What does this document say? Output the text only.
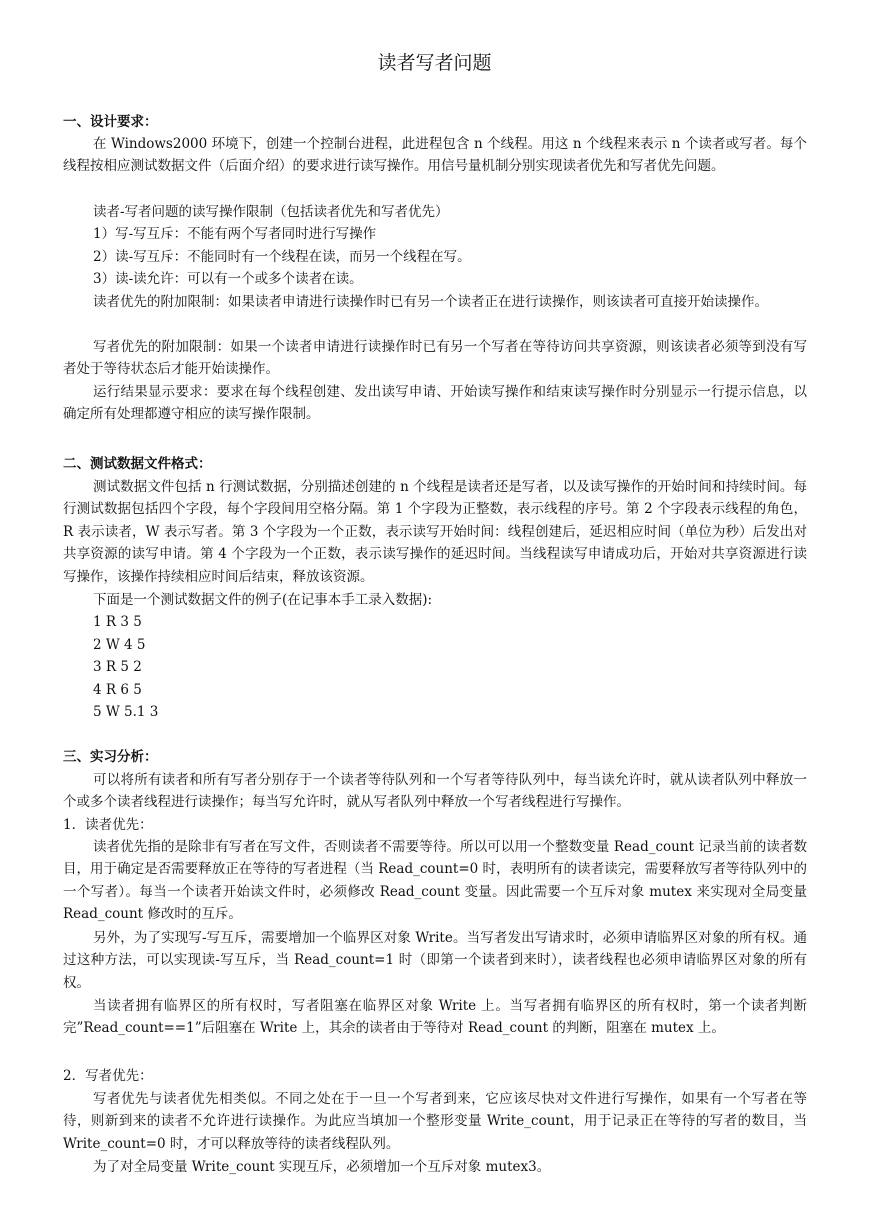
读者写者问题
一、设计要求：

在 Windows2000 环境下，创建一个控制台进程，此进程包含 n 个线程。用这 n 个线程来表示 n 个读者或写者。每个线程按相应测试数据文件（后面介绍）的要求进行读写操作。用信号量机制分别实现读者优先和写者优先问题。

读者-写者问题的读写操作限制（包括读者优先和写者优先）

1）写-写互斥：不能有两个写者同时进行写操作

2）读-写互斥：不能同时有一个线程在读，而另一个线程在写。

3）读-读允许：可以有一个或多个读者在读。

读者优先的附加限制：如果读者申请进行读操作时已有另一个读者正在进行读操作，则该读者可直接开始读操作。

写者优先的附加限制：如果一个读者申请进行读操作时已有另一个写者在等待访问共享资源，则该读者必须等到没有写者处于等待状态后才能开始读操作。

运行结果显示要求：要求在每个线程创建、发出读写申请、开始读写操作和结束读写操作时分别显示一行提示信息，以确定所有处理都遵守相应的读写操作限制。

二、测试数据文件格式：

测试数据文件包括 n 行测试数据，分别描述创建的 n 个线程是读者还是写者，以及读写操作的开始时间和持续时间。每行测试数据包括四个字段，每个字段间用空格分隔。第 1 个字段为正整数，表示线程的序号。第 2 个字段表示线程的角色，R 表示读者，W 表示写者。第 3 个字段为一个正数，表示读写开始时间：线程创建后，延迟相应时间（单位为秒）后发出对共享资源的读写申请。第 4 个字段为一个正数，表示读写操作的延迟时间。当线程读写申请成功后，开始对共享资源进行读写操作，该操作持续相应时间后结束，释放该资源。

下面是一个测试数据文件的例子(在记事本手工录入数据):

1 R 3 5

2 W 4 5

3 R 5 2

4 R 6 5

5 W 5.1 3

三、实习分析：

可以将所有读者和所有写者分别存于一个读者等待队列和一个写者等待队列中，每当读允许时，就从读者队列中释放一个或多个读者线程进行读操作；每当写允许时，就从写者队列中释放一个写者线程进行写操作。

1．读者优先：

读者优先指的是除非有写者在写文件，否则读者不需要等待。所以可以用一个整数变量 Read_count 记录当前的读者数目，用于确定是否需要释放正在等待的写者进程（当 Read_count=0 时，表明所有的读者读完，需要释放写者等待队列中的一个写者）。每当一个读者开始读文件时，必须修改 Read_count 变量。因此需要一个互斥对象 mutex 来实现对全局变量 Read_count 修改时的互斥。

另外，为了实现写-写互斥，需要增加一个临界区对象 Write。当写者发出写请求时，必须申请临界区对象的所有权。通过这种方法，可以实现读-写互斥，当 Read_count=1 时（即第一个读者到来时），读者线程也必须申请临界区对象的所有权。

当读者拥有临界区的所有权时，写者阻塞在临界区对象 Write 上。当写者拥有临界区的所有权时，第一个读者判断完”Read_count==1”后阻塞在 Write 上，其余的读者由于等待对 Read_count 的判断，阻塞在 mutex 上。

2．写者优先：

写者优先与读者优先相类似。不同之处在于一旦一个写者到来，它应该尽快对文件进行写操作，如果有一个写者在等待，则新到来的读者不允许进行读操作。为此应当填加一个整形变量 Write_count，用于记录正在等待的写者的数目，当 Write_count=0 时，才可以释放等待的读者线程队列。

为了对全局变量 Write_count 实现互斥，必须增加一个互斥对象 mutex3。
